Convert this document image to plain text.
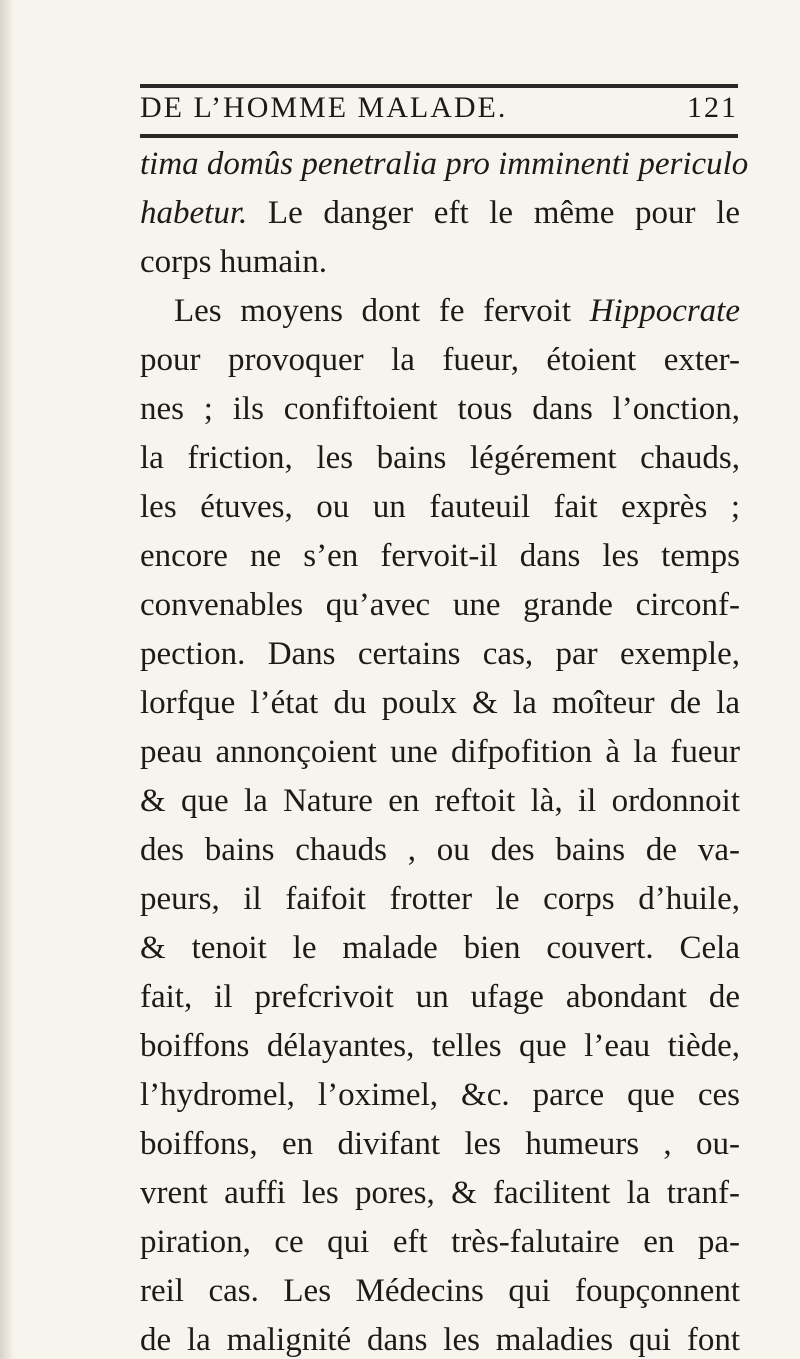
DE L’HOMME MALADE.	121
tima domûs penetralia pro imminenti periculo
habetur. Le danger eft le même pour le
corps humain.
Les moyens dont fe fervoit Hippocrate
pour provoquer la fueur, étoient exter-
nes ; ils confiftoient tous dans l’onction,
la friction, les bains légérement chauds,
les étuves, ou un fauteuil fait exprès ;
encore ne s’en fervoit-il dans les temps
convenables qu’avec une grande circonf-
pection. Dans certains cas, par exemple,
lorfque l’état du poulx & la moîteur de la
peau annonçoient une difpofition à la fueur
& que la Nature en reftoit là, il ordonnoit
des bains chauds , ou des bains de va-
peurs, il faifoit frotter le corps d’huile,
& tenoit le malade bien couvert. Cela
fait, il prefcrivoit un ufage abondant de
boiffons délayantes, telles que l’eau tiède,
l’hydromel, l’oximel, &c. parce que ces
boiffons, en divifant les humeurs , ou-
vrent auffi les pores, & facilitent la tranf-
piration, ce qui eft très-falutaire en pa-
reil cas. Les Médecins qui foupçonnent
de la malignité dans les maladies qui font
